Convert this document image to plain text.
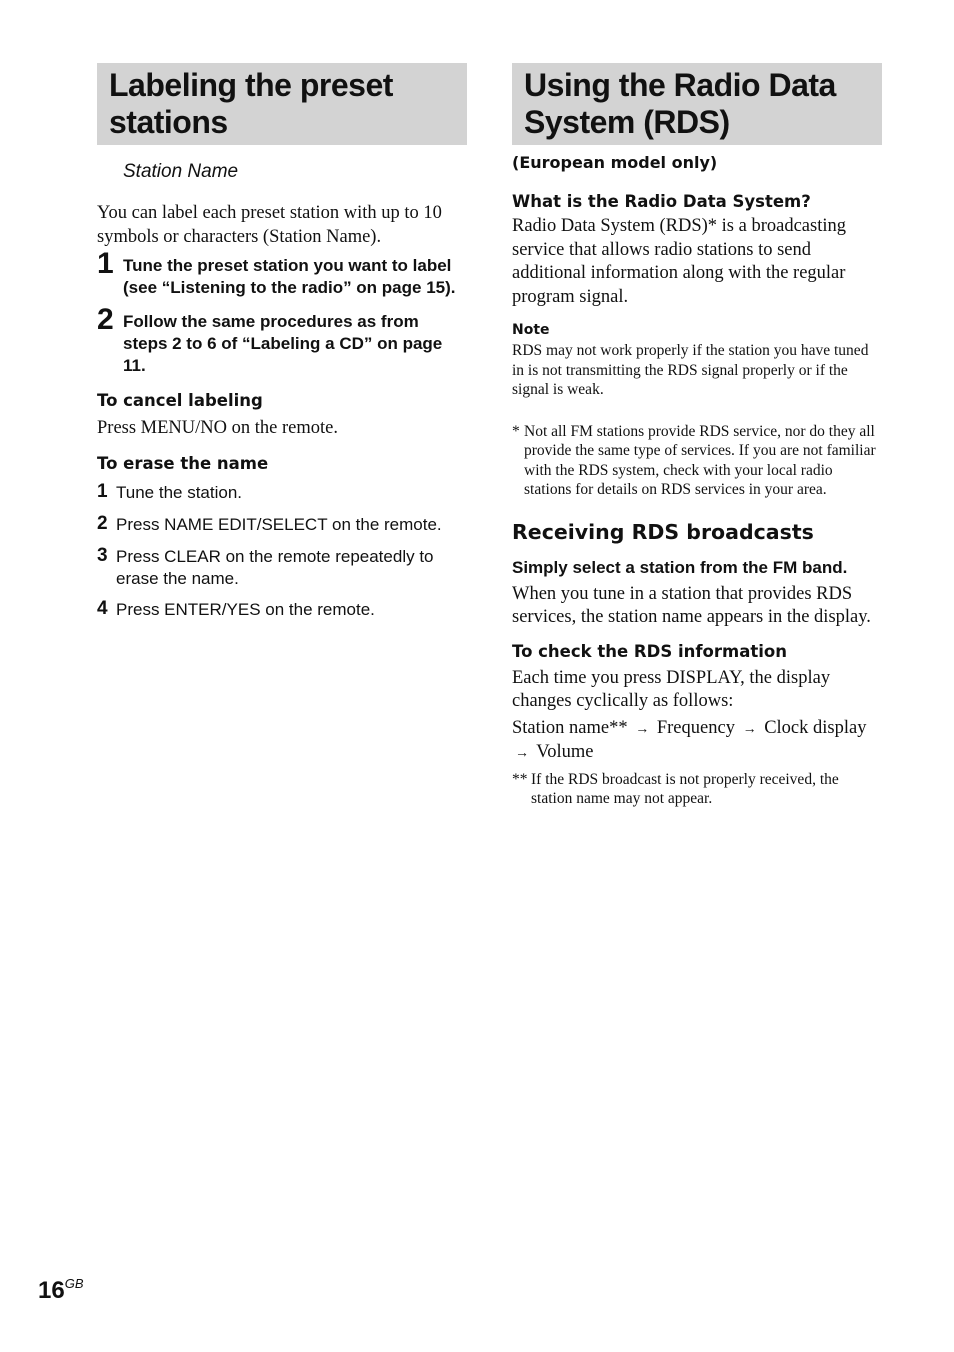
Labeling the preset
stations
Station Name
You can label each preset station with up to 10 symbols or characters (Station Name).
1 Tune the preset station you want to label (see “Listening to the radio” on page 15).
2 Follow the same procedures as from steps 2 to 6 of “Labeling a CD” on page 11.
To cancel labeling
Press MENU/NO on the remote.
To erase the name
1 Tune the station.
2 Press NAME EDIT/SELECT on the remote.
3 Press CLEAR on the remote repeatedly to erase the name.
4 Press ENTER/YES on the remote.
Using the Radio Data
System (RDS)
(European model only)
What is the Radio Data System?
Radio Data System (RDS)* is a broadcasting service that allows radio stations to send additional information along with the regular program signal.
Note
RDS may not work properly if the station you have tuned in is not transmitting the RDS signal properly or if the signal is weak.
* Not all FM stations provide RDS service, nor do they all provide the same type of services. If you are not familiar with the RDS system, check with your local radio stations for details on RDS services in your area.
Receiving RDS broadcasts
Simply select a station from the FM band.
When you tune in a station that provides RDS services, the station name appears in the display.
To check the RDS information
Each time you press DISPLAY, the display changes cyclically as follows:
Station name** → Frequency → Clock display → Volume
** If the RDS broadcast is not properly received, the station name may not appear.
$16^{GB}$
